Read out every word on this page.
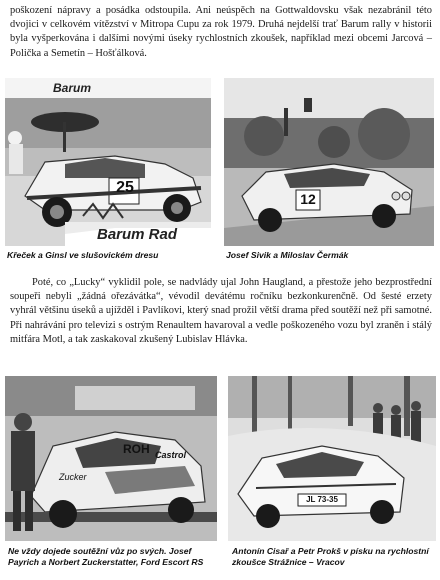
poškození nápravy a posádka odstoupila. Ani neúspěch na Gottwaldovsku však nezabránil této dvojici v celkovém vítězství v Mitropa Cupu za rok 1979. Druhá nejdelší trať Barum rally v historii byla vyšperkována i dalšími novými úseky rychlostních zkoušek, například mezi obcemi Jarcová – Polička a Semetín – Hošťálková.

Barum
25
Barum Rad
Křeček a Ginsl ve slušovickém dresu
12
Josef Sivik a Miloslav Čermák

Poté, co „Lucky“ vyklidil pole, se nadvlády ujal John Haugland, a přestože jeho bezprostřední soupeři nebyli „žádná ořezávátka“, vévodil devátému ročníku bezkonkurenčně. Od šesté erzety vyhrál většinu úseků a ujížděl i Pavlíkovi, který snad prožil větší drama před soutěží než při samotné. Při nahrávání pro televizi s ostrým Renaultem havaroval a vedle poškozeného vozu byl zraněn i stálý mitfára Motl, a tak zaskakoval zkušený Lubislav Hlávka.

ROH Castrol
Zucker
Ne vždy dojede soutěžní vůz po svých. Josef Payrich a Norbert Zuckerstatter, Ford Escort RS
JL 73-35
Antonín Cisař a Petr Prokš v písku na rychlostní zkoušce Strážnice – Vracov
